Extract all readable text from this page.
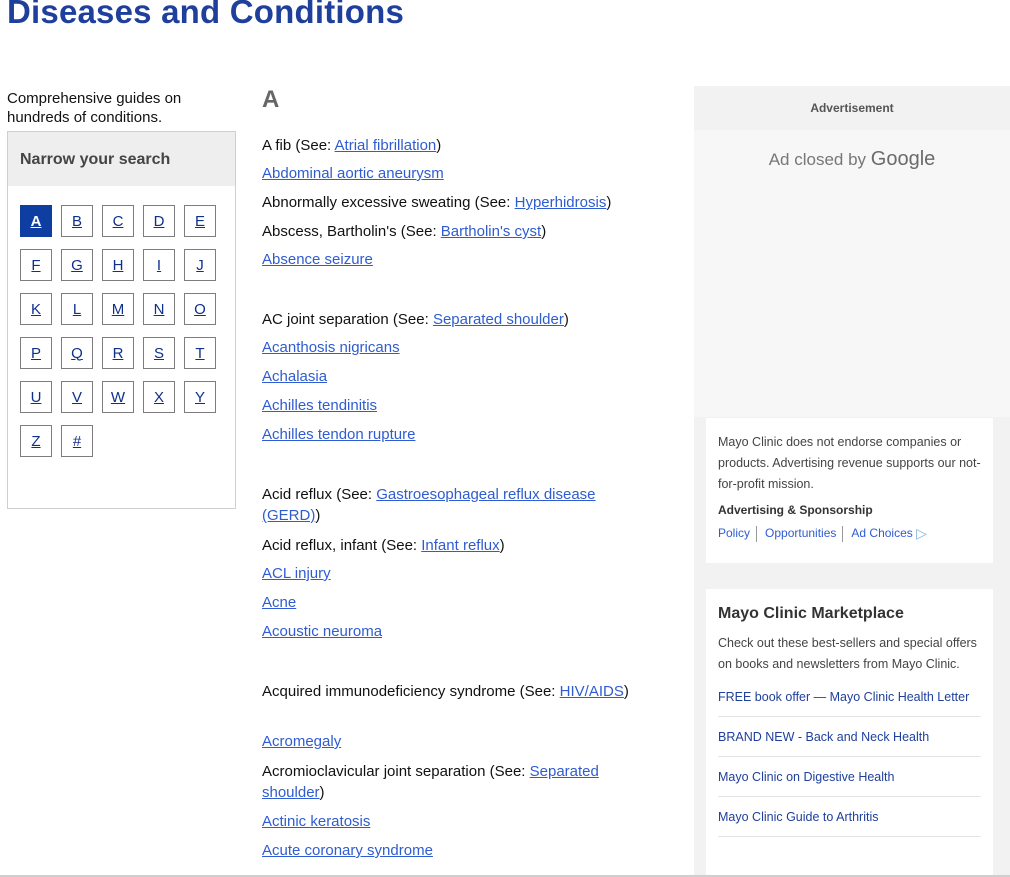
Diseases and Conditions
Comprehensive guides on hundreds of conditions.
Narrow your search
A	B	C	D	E
F	G	H	I	J
K	L	M	N	O
P	Q	R	S	T
U	V	W	X	Y
Z	#
A
A fib (See: Atrial fibrillation)
Abdominal aortic aneurysm
Abnormally excessive sweating (See: Hyperhidrosis)
Abscess, Bartholin's (See: Bartholin's cyst)
Absence seizure
AC joint separation (See: Separated shoulder)
Acanthosis nigricans
Achalasia
Achilles tendinitis
Achilles tendon rupture
Acid reflux (See: Gastroesophageal reflux disease (GERD))
Acid reflux, infant (See: Infant reflux)
ACL injury
Acne
Acoustic neuroma
Acquired immunodeficiency syndrome (See: HIV/AIDS)
Acromegaly
Acromioclavicular joint separation (See: Separated shoulder)
Actinic keratosis
Acute coronary syndrome
Advertisement
Ad closed by Google
Mayo Clinic does not endorse companies or products. Advertising revenue supports our not-for-profit mission.
Advertising & Sponsorship
Policy Opportunities Ad Choices ▷
Mayo Clinic Marketplace
Check out these best-sellers and special offers on books and newsletters from Mayo Clinic.
FREE book offer — Mayo Clinic Health Letter
BRAND NEW - Back and Neck Health
Mayo Clinic on Digestive Health
Mayo Clinic Guide to Arthritis
